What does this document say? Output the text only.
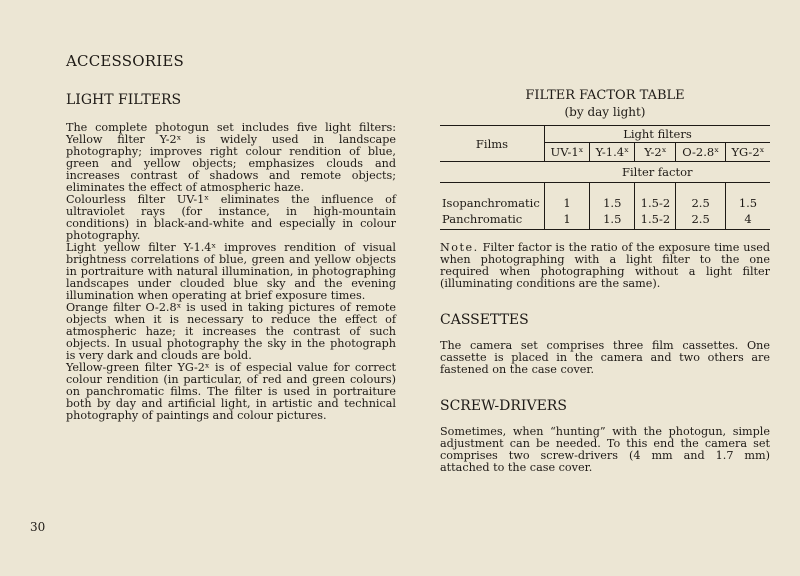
ACCESSORIES
LIGHT FILTERS

The complete photogun set includes five light filters: Yellow filter Y-2ˣ is widely used in landscape photography; improves right colour rendition of blue, green and yellow objects; emphasizes clouds and increases contrast of shadows and remote objects; eliminates the effect of atmospheric haze.

Colourless filter UV-1ˣ eliminates the influence of ultraviolet rays (for instance, in high-mountain conditions) in black-and-white and especially in colour photography.

Light yellow filter Y-1.4ˣ improves rendition of visual brightness correlations of blue, green and yellow objects in portraiture with natural illumination, in photographing landscapes under clouded blue sky and the evening illumination when operating at brief exposure times.

Orange filter O-2.8ˣ is used in taking pictures of remote objects when it is necessary to reduce the effect of atmospheric haze; it increases the contrast of such objects. In usual photography the sky in the photograph is very dark and clouds are bold.

Yellow-green filter YG-2ˣ is of especial value for correct colour rendition (in particular, of red and green colours) on panchromatic films. The filter is used in portraiture both by day and artificial light, in artistic and technical photography of paintings and colour pictures.

30
FILTER FACTOR TABLE
(by day light)
Films	Light filters				
	UV-1ˣ	Y-1.4ˣ	Y-2ˣ	O-2.8ˣ	YG-2ˣ
	Filter factor				
Isopanchromatic	1	1.5	1.5-2	2.5	1.5
Panchromatic	1	1.5	1.5-2	2.5	4

Note. Filter factor is the ratio of the exposure time used when photographing with a light filter to the one required when photographing without a light filter (illuminating conditions are the same).

CASSETTES

The camera set comprises three film cassettes. One cassette is placed in the camera and two others are fastened on the case cover.

SCREW-DRIVERS

Sometimes, when “hunting” with the photogun, simple adjustment can be needed. To this end the camera set comprises two screw-drivers (4 mm and 1.7 mm) attached to the case cover.
